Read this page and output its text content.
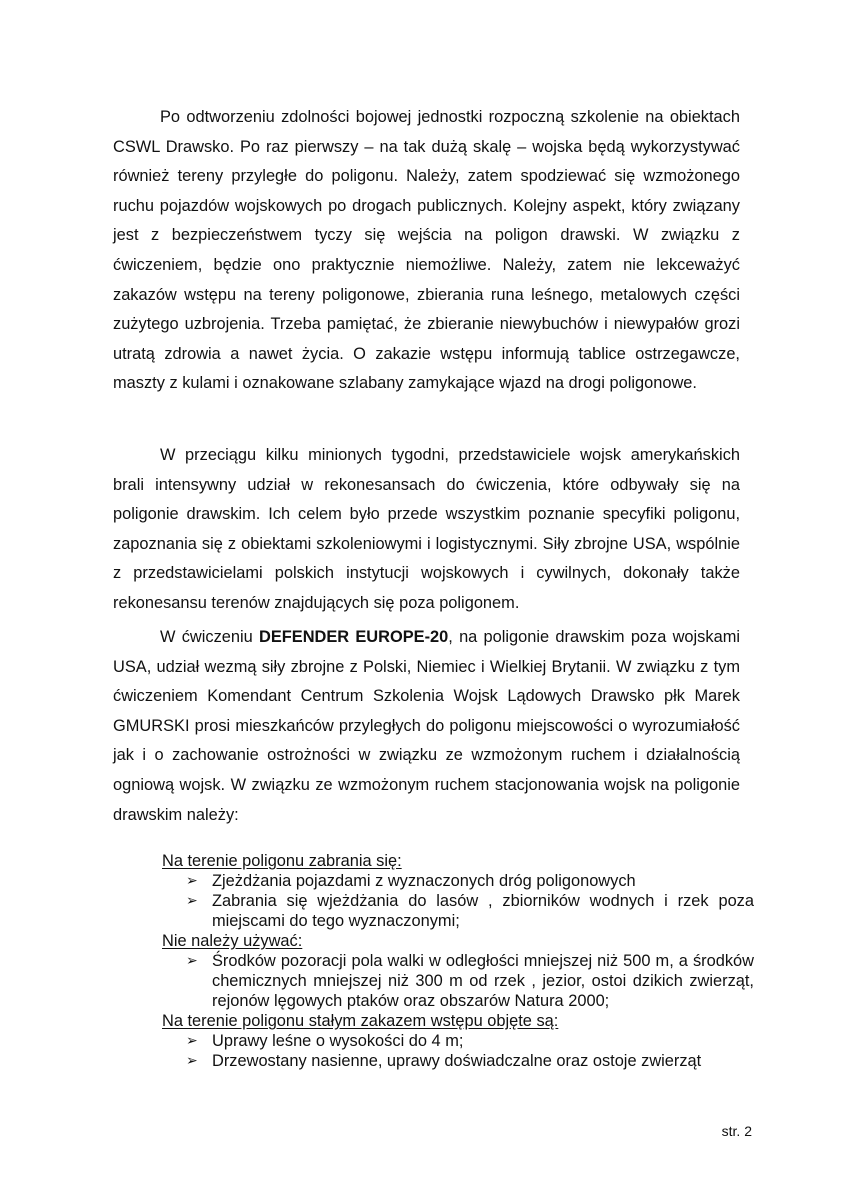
Po odtworzeniu zdolności bojowej jednostki rozpoczną szkolenie na obiektach CSWL Drawsko. Po raz pierwszy – na tak dużą skalę – wojska będą wykorzystywać również tereny przyległe do poligonu. Należy, zatem spodziewać się wzmożonego ruchu pojazdów wojskowych po drogach publicznych. Kolejny aspekt, który związany jest z bezpieczeństwem tyczy się wejścia na poligon drawski. W związku z ćwiczeniem, będzie ono praktycznie niemożliwe. Należy, zatem nie lekceważyć zakazów wstępu na tereny poligonowe, zbierania runa leśnego, metalowych części zużytego uzbrojenia. Trzeba pamiętać, że zbieranie niewybuchów i niewypałów grozi utratą zdrowia a nawet życia. O zakazie wstępu informują tablice ostrzegawcze, maszty z kulami i oznakowane szlabany zamykające wjazd na drogi poligonowe.

W przeciągu kilku minionych tygodni, przedstawiciele wojsk amerykańskich brali intensywny udział w rekonesansach do ćwiczenia, które odbywały się na poligonie drawskim. Ich celem było przede wszystkim poznanie specyfiki poligonu, zapoznania się z obiektami szkoleniowymi i logistycznymi. Siły zbrojne USA, wspólnie z przedstawicielami polskich instytucji wojskowych i cywilnych, dokonały także rekonesansu terenów znajdujących się poza poligonem.

W ćwiczeniu DEFENDER EUROPE-20, na poligonie drawskim poza wojskami USA, udział wezmą siły zbrojne z Polski, Niemiec i Wielkiej Brytanii. W związku z tym ćwiczeniem Komendant Centrum Szkolenia Wojsk Lądowych Drawsko płk Marek GMURSKI prosi mieszkańców przyległych do poligonu miejscowości o wyrozumiałość jak i o zachowanie ostrożności w związku ze wzmożonym ruchem i działalnością ogniową wojsk. W związku ze wzmożonym ruchem stacjonowania wojsk na poligonie drawskim należy:

Na terenie poligonu zabrania się:

➢ Zjeżdżania pojazdami z wyznaczonych dróg poligonowych
➢ Zabrania się wjeżdżania do lasów , zbiorników wodnych i rzek poza miejscami do tego wyznaczonymi;

Nie należy używać:

➢ Środków pozoracji pola walki w odległości mniejszej niż 500 m, a środków chemicznych mniejszej niż 300 m od rzek , jezior, ostoi dzikich zwierząt, rejonów lęgowych ptaków oraz obszarów Natura 2000;

Na terenie poligonu stałym zakazem wstępu objęte są:

➢ Uprawy leśne o wysokości do 4 m;
➢ Drzewostany nasienne, uprawy doświadczalne oraz ostoje zwierząt
str. 2
